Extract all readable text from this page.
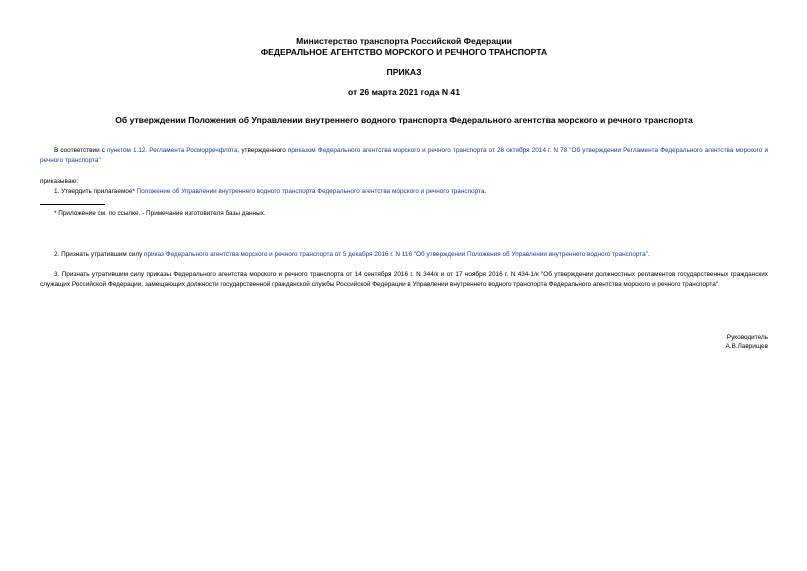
Министерство транспорта Российской Федерации
ФЕДЕРАЛЬНОЕ АГЕНТСТВО МОРСКОГО И РЕЧНОГО ТРАНСПОРТА
ПРИКАЗ
от 26 марта 2021 года N 41
Об утверждении Положения об Управлении внутреннего водного транспорта Федерального агентства морского и речного транспорта
В соответствии с пунктом 1.12. Регламента Росморречфлота, утвержденного приказом Федерального агентства морского и речного транспорта от 28 октября 2014 г. N 78 "Об утверждении Регламента Федерального агентства морского и речного транспорта"
приказываю:
1. Утвердить прилагаемое* Положение об Управлении внутреннего водного транспорта Федерального агентства морского и речного транспорта.
* Приложение см. по ссылке. - Примечание изготовителя базы данных.
2. Признать утратившим силу приказ Федерального агентства морского и речного транспорта от 5 декабря 2016 г. N 116 "Об утверждении Положения об Управлении внутреннего водного транспорта".
3. Признать утратившим силу приказы Федерального агентства морского и речного транспорта от 14 сентября 2016 г. N 344/к и от 17 ноября 2016 г. N 434-1/к "Об утверждении должностных регламентов государственных гражданских служащих Российской Федерации, замещающих должности государственной гражданской службы Российской Федерации в Управлении внутреннего водного транспорта Федерального агентства морского и речного транспорта".
Руководитель
А.В.Лаврищев
